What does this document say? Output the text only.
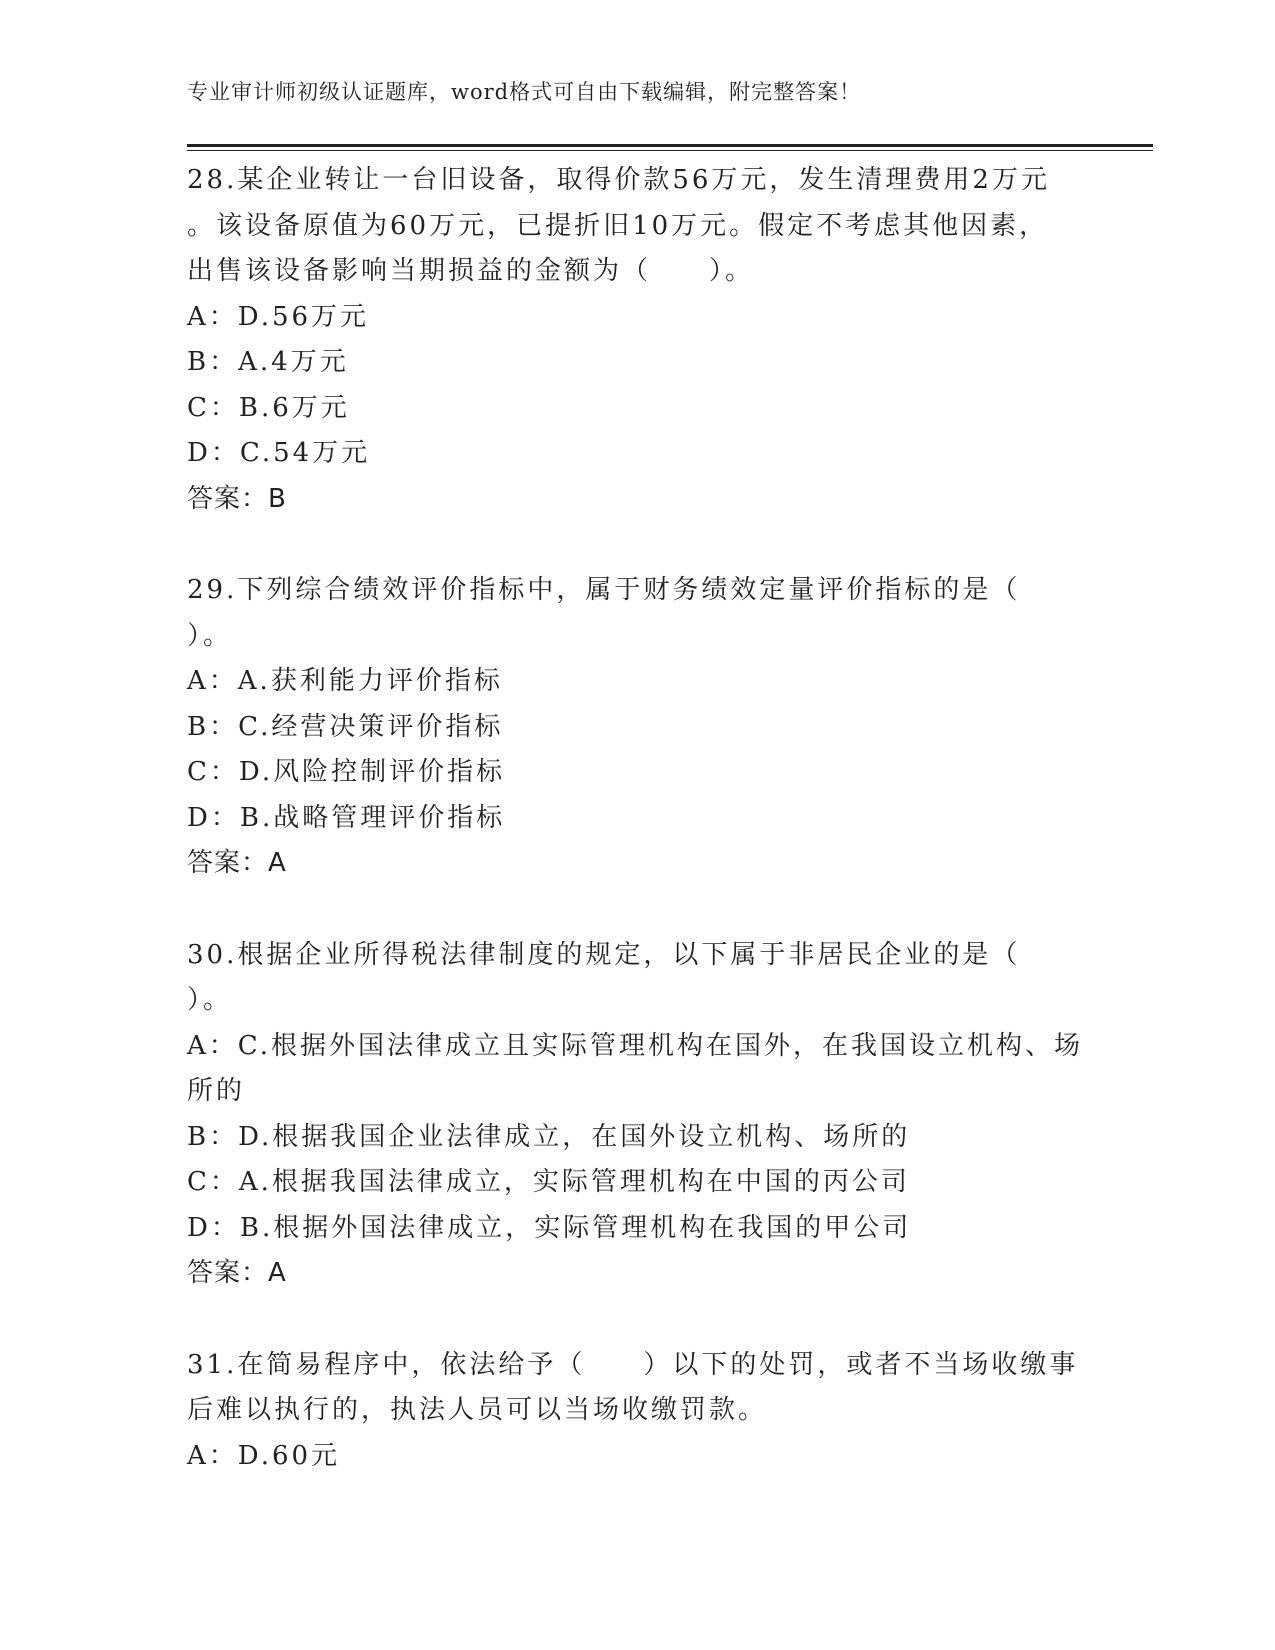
专业审计师初级认证题库，word格式可自由下载编辑，附完整答案！
28.某企业转让一台旧设备，取得价款56万元，发生清理费用2万元
。该设备原值为60万元，已提折旧10万元。假定不考虑其他因素，
出售该设备影响当期损益的金额为（　　）。
A：D.56万元
B：A.4万元
C：B.6万元
D：C.54万元
答案：B
29.下列综合绩效评价指标中，属于财务绩效定量评价指标的是（
）。
A：A.获利能力评价指标
B：C.经营决策评价指标
C：D.风险控制评价指标
D：B.战略管理评价指标
答案：A
30.根据企业所得税法律制度的规定，以下属于非居民企业的是（
）。
A：C.根据外国法律成立且实际管理机构在国外，在我国设立机构、场
所的
B：D.根据我国企业法律成立，在国外设立机构、场所的
C：A.根据我国法律成立，实际管理机构在中国的丙公司
D：B.根据外国法律成立，实际管理机构在我国的甲公司
答案：A
31.在简易程序中，依法给予（　　）以下的处罚，或者不当场收缴事
后难以执行的，执法人员可以当场收缴罚款。
A：D.60元
